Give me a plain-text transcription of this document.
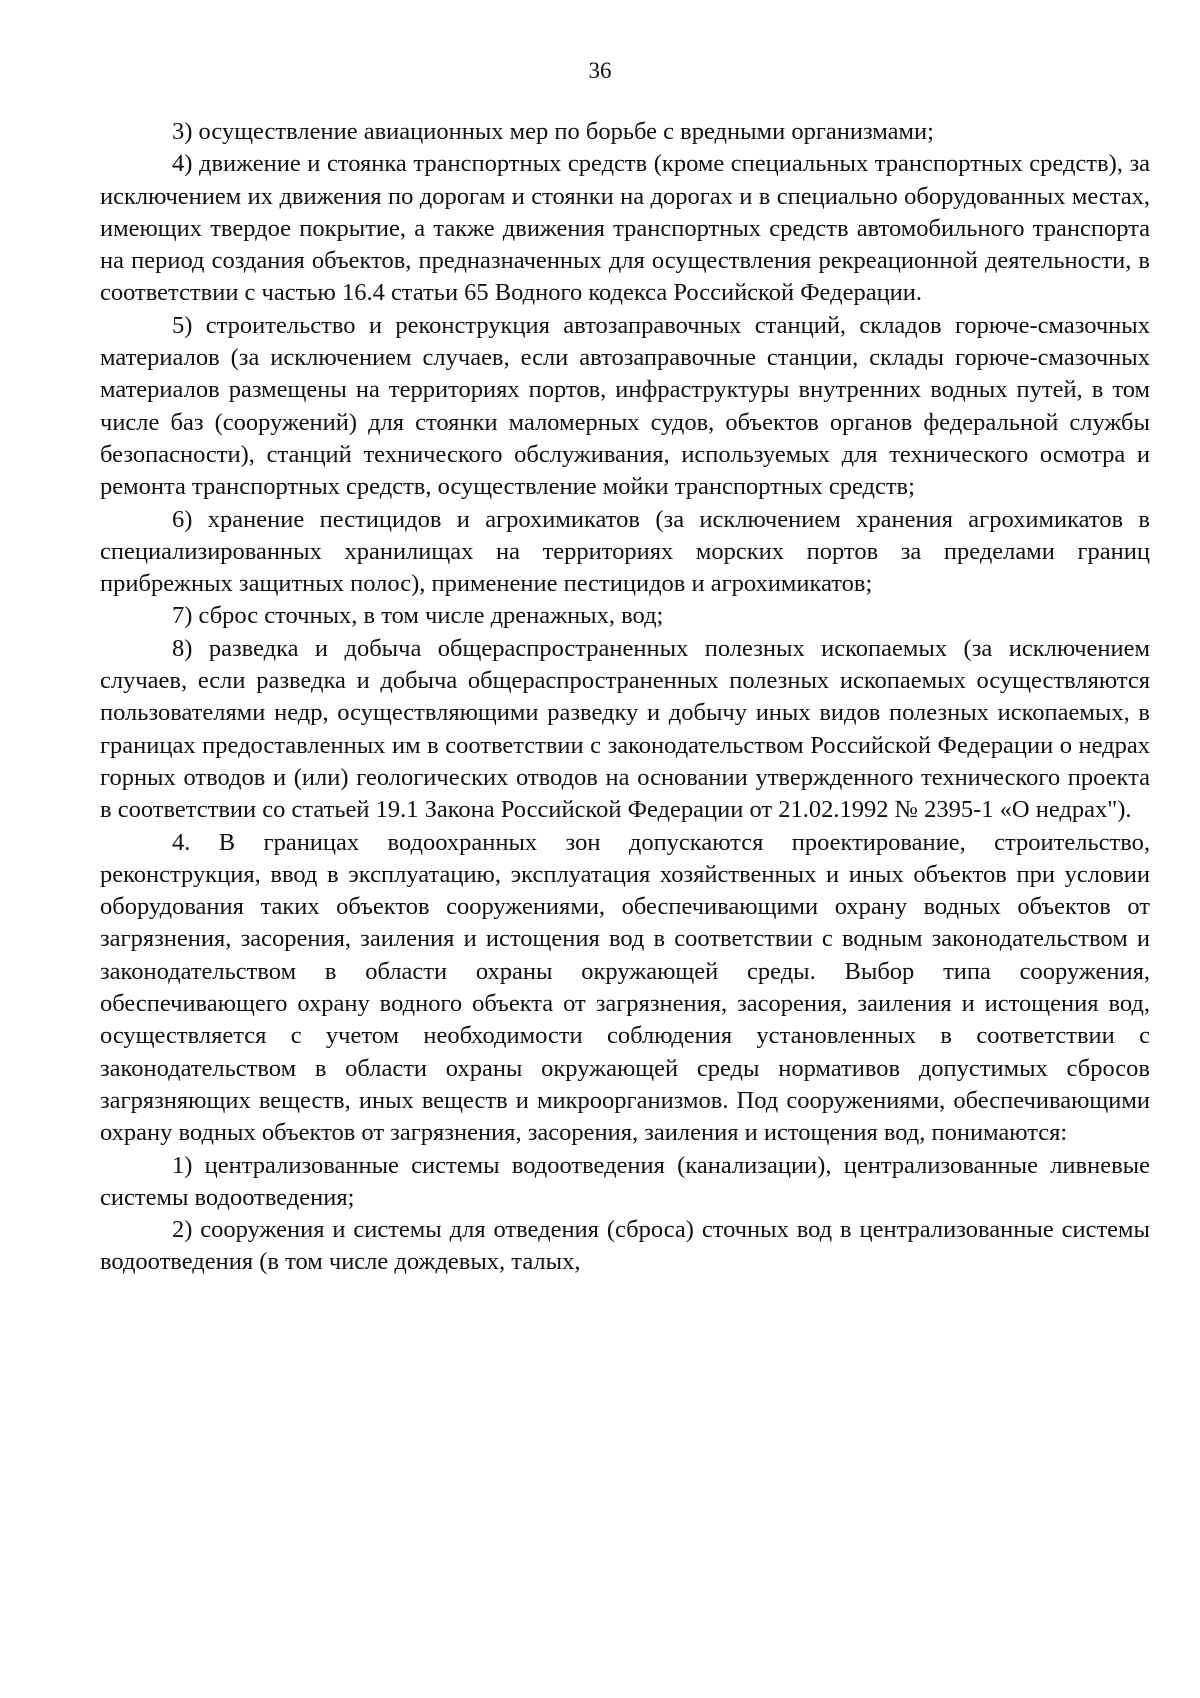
36

3) осуществление авиационных мер по борьбе с вредными организмами;

4) движение и стоянка транспортных средств (кроме специальных транспортных средств), за исключением их движения по дорогам и стоянки на дорогах и в специально оборудованных местах, имеющих твердое покрытие, а также движения транспортных средств автомобильного транспорта на период создания объектов, предназначенных для осуществления рекреационной деятельности, в соответствии с частью 16.4 статьи 65 Водного кодекса Российской Федерации.

5) строительство и реконструкция автозаправочных станций, складов горюче-смазочных материалов (за исключением случаев, если автозаправочные станции, склады горюче-смазочных материалов размещены на территориях портов, инфраструктуры внутренних водных путей, в том числе баз (сооружений) для стоянки маломерных судов, объектов органов федеральной службы безопасности), станций технического обслуживания, используемых для технического осмотра и ремонта транспортных средств, осуществление мойки транспортных средств;

6) хранение пестицидов и агрохимикатов (за исключением хранения агрохимикатов в специализированных хранилищах на территориях морских портов за пределами границ прибрежных защитных полос), применение пестицидов и агрохимикатов;

7) сброс сточных, в том числе дренажных, вод;

8) разведка и добыча общераспространенных полезных ископаемых (за исключением случаев, если разведка и добыча общераспространенных полезных ископаемых осуществляются пользователями недр, осуществляющими разведку и добычу иных видов полезных ископаемых, в границах предоставленных им в соответствии с законодательством Российской Федерации о недрах горных отводов и (или) геологических отводов на основании утвержденного технического проекта в соответствии со статьей 19.1 Закона Российской Федерации от 21.02.1992 № 2395-1 «О недрах").

4. В границах водоохранных зон допускаются проектирование, строительство, реконструкция, ввод в эксплуатацию, эксплуатация хозяйственных и иных объектов при условии оборудования таких объектов сооружениями, обеспечивающими охрану водных объектов от загрязнения, засорения, заиления и истощения вод в соответствии с водным законодательством и законодательством в области охраны окружающей среды. Выбор типа сооружения, обеспечивающего охрану водного объекта от загрязнения, засорения, заиления и истощения вод, осуществляется с учетом необходимости соблюдения установленных в соответствии с законодательством в области охраны окружающей среды нормативов допустимых сбросов загрязняющих веществ, иных веществ и микроорганизмов. Под сооружениями, обеспечивающими охрану водных объектов от загрязнения, засорения, заиления и истощения вод, понимаются:

1) централизованные системы водоотведения (канализации), централизованные ливневые системы водоотведения;

2) сооружения и системы для отведения (сброса) сточных вод в централизованные системы водоотведения (в том числе дождевых, талых,
